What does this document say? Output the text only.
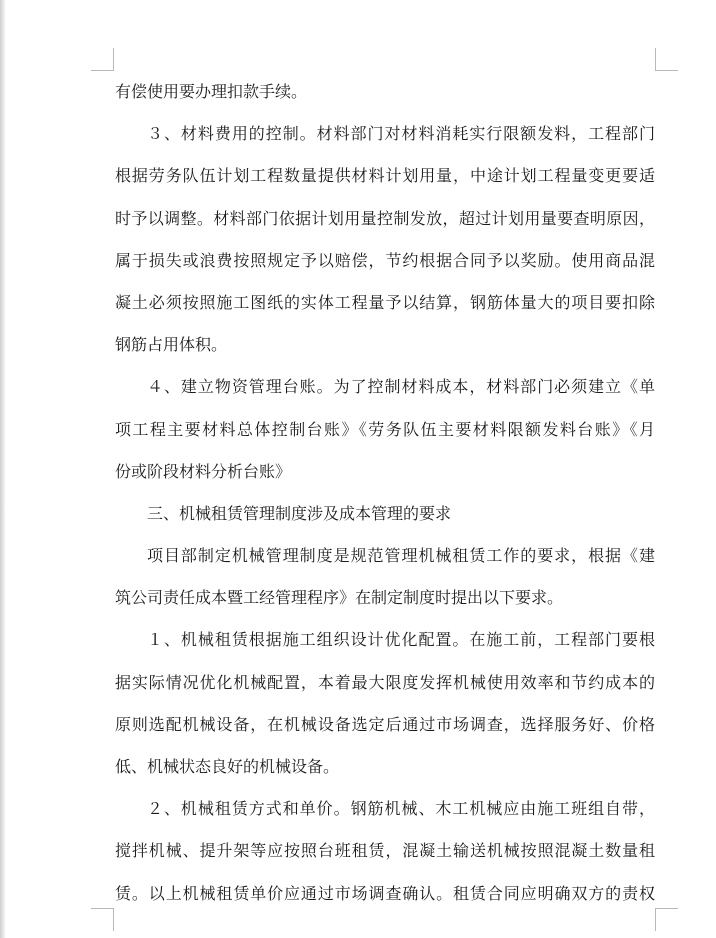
有偿使用要办理扣款手续。
３、材料费用的控制。材料部门对材料消耗实行限额发料，工程部门
根据劳务队伍计划工程数量提供材料计划用量，中途计划工程量变更要适
时予以调整。材料部门依据计划用量控制发放，超过计划用量要查明原因，
属于损失或浪费按照规定予以赔偿，节约根据合同予以奖励。使用商品混
凝土必须按照施工图纸的实体工程量予以结算，钢筋体量大的项目要扣除
钢筋占用体积。
４、建立物资管理台账。为了控制材料成本，材料部门必须建立《单
项工程主要材料总体控制台账》《劳务队伍主要材料限额发料台账》《月
份或阶段材料分析台账》
三、机械租赁管理制度涉及成本管理的要求
项目部制定机械管理制度是规范管理机械租赁工作的要求，根据《建
筑公司责任成本暨工经管理程序》在制定制度时提出以下要求。
１、机械租赁根据施工组织设计优化配置。在施工前，工程部门要根
据实际情况优化机械配置，本着最大限度发挥机械使用效率和节约成本的
原则选配机械设备，在机械设备选定后通过市场调查，选择服务好、价格
低、机械状态良好的机械设备。
２、机械租赁方式和单价。钢筋机械、木工机械应由施工班组自带，
搅拌机械、提升架等应按照台班租赁，混凝土输送机械按照混凝土数量租
赁。以上机械租赁单价应通过市场调查确认。租赁合同应明确双方的责权
